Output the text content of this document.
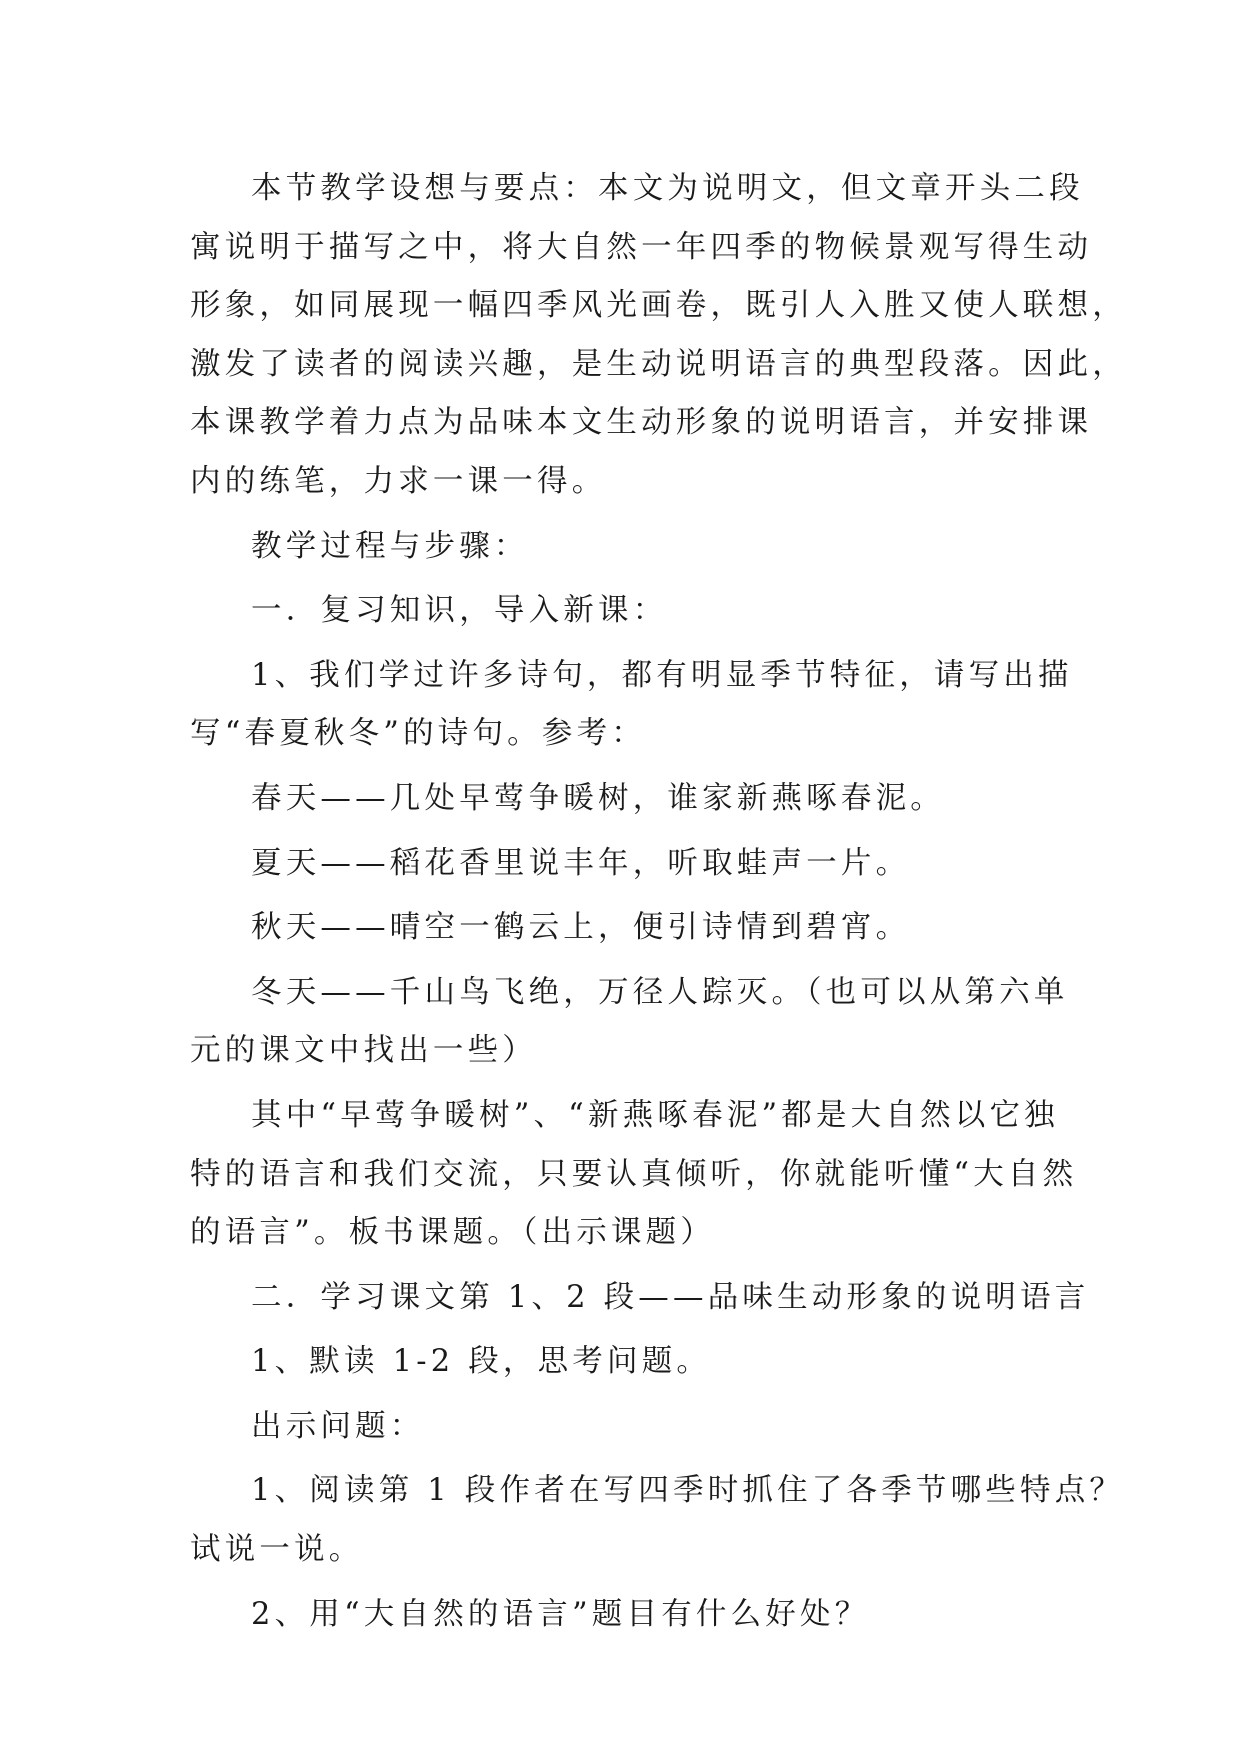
本节教学设想与要点：本文为说明文，但文章开头二段
寓说明于描写之中，将大自然一年四季的物候景观写得生动
形象，如同展现一幅四季风光画卷，既引人入胜又使人联想，
激发了读者的阅读兴趣，是生动说明语言的典型段落。因此，
本课教学着力点为品味本文生动形象的说明语言，并安排课
内的练笔，力求一课一得。

教学过程与步骤：

一．复习知识，导入新课：

1、我们学过许多诗句，都有明显季节特征，请写出描
写“春夏秋冬”的诗句。参考：

春天——几处早莺争暖树，谁家新燕啄春泥。

夏天——稻花香里说丰年，听取蛙声一片。

秋天——晴空一鹤云上，便引诗情到碧宵。

冬天——千山鸟飞绝，万径人踪灭。（也可以从第六单
元的课文中找出一些）

其中“早莺争暖树”、“新燕啄春泥”都是大自然以它独
特的语言和我们交流，只要认真倾听，你就能听懂“大自然
的语言”。板书课题。（出示课题）

二．学习课文第 1、2 段——品味生动形象的说明语言

1、默读 1-2 段，思考问题。

出示问题：

1、阅读第 1 段作者在写四季时抓住了各季节哪些特点？
试说一说。

2、用“大自然的语言”题目有什么好处？
